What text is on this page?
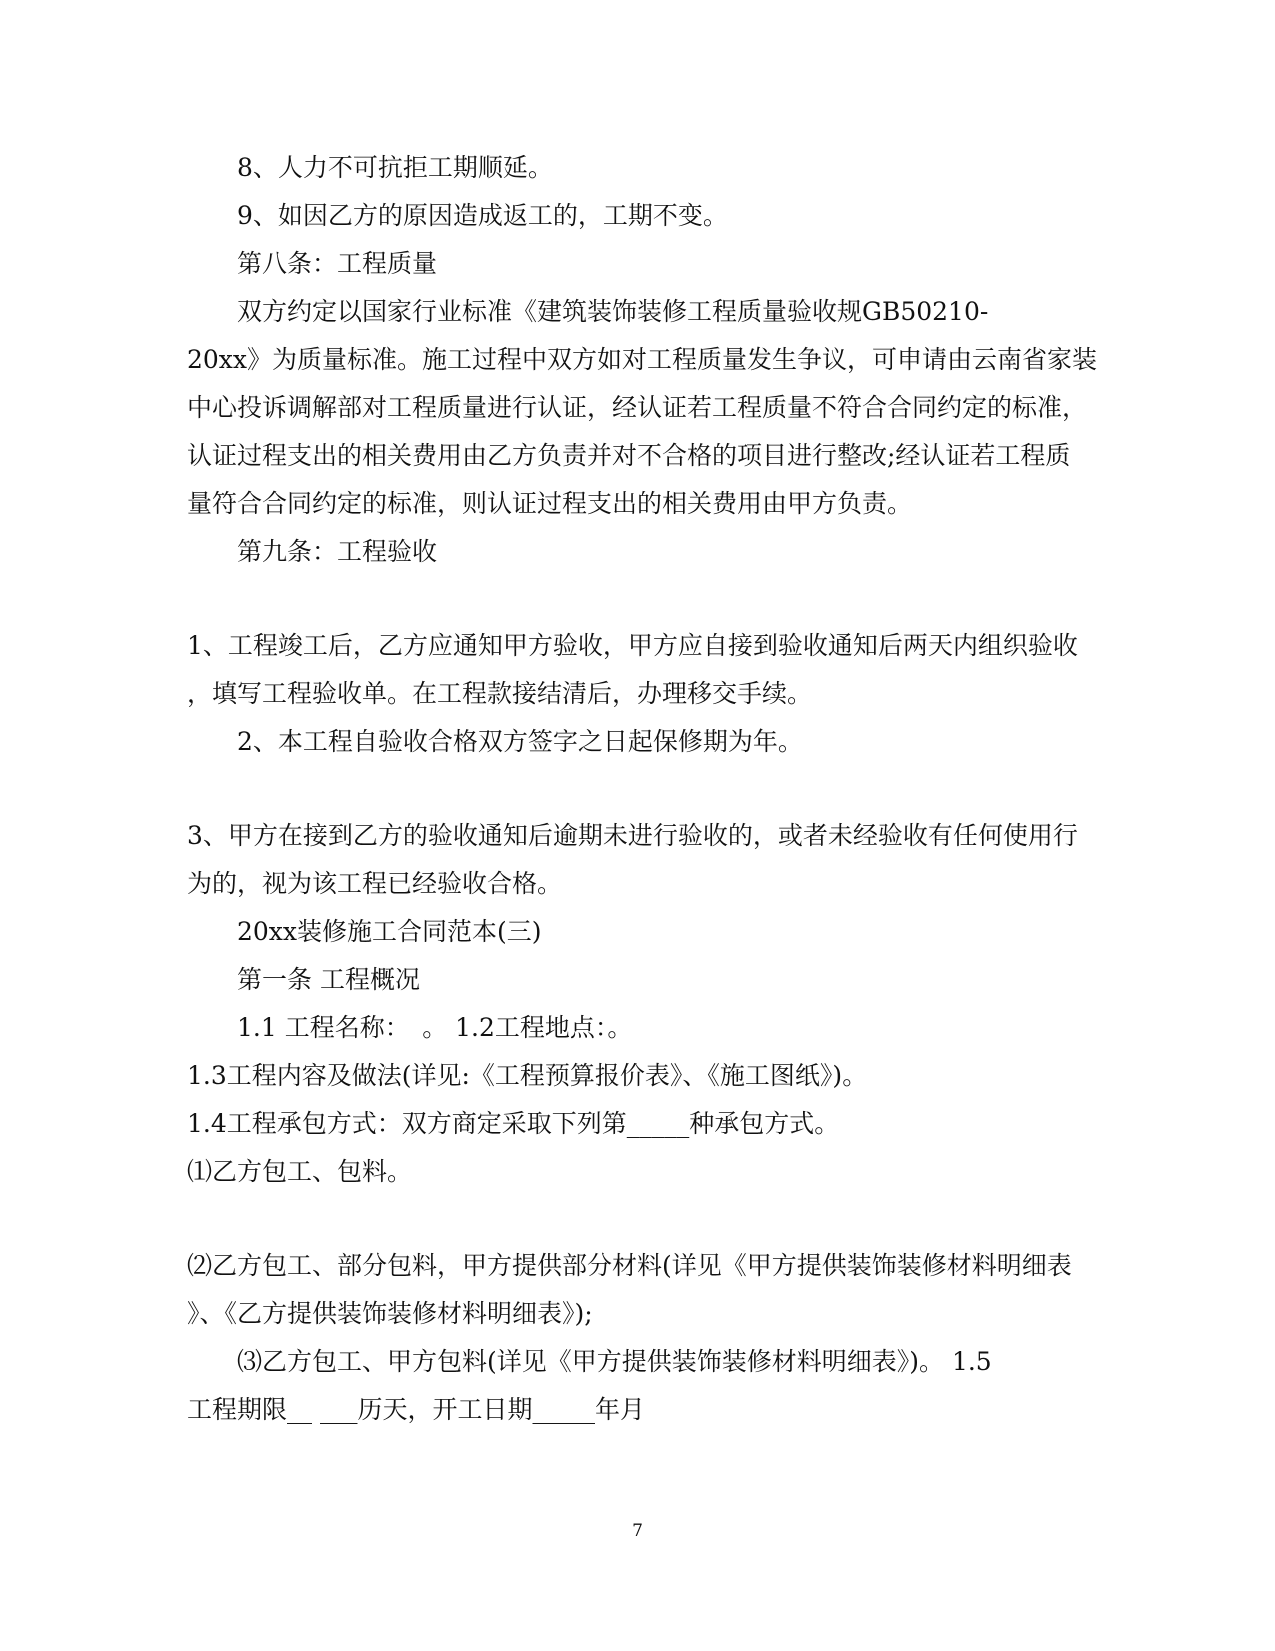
8、人力不可抗拒工期顺延。
9、如因乙方的原因造成返工的，工期不变。
第八条：工程质量
双方约定以国家行业标准《建筑装饰装修工程质量验收规GB50210-
20xx》为质量标准。施工过程中双方如对工程质量发生争议，可申请由云南省家装
中心投诉调解部对工程质量进行认证，经认证若工程质量不符合合同约定的标准，
认证过程支出的相关费用由乙方负责并对不合格的项目进行整改;经认证若工程质
量符合合同约定的标准，则认证过程支出的相关费用由甲方负责。
第九条：工程验收
1、工程竣工后，乙方应通知甲方验收，甲方应自接到验收通知后两天内组织验收
，填写工程验收单。在工程款接结清后，办理移交手续。
2、本工程自验收合格双方签字之日起保修期为年。
3、甲方在接到乙方的验收通知后逾期未进行验收的，或者未经验收有任何使用行
为的，视为该工程已经验收合格。
20xx装修施工合同范本(三)
第一条 工程概况
1.1 工程名称：　。 1.2工程地点：。
1.3工程内容及做法(详见:《工程预算报价表》、《施工图纸》)。
1.4工程承包方式：双方商定采取下列第_____种承包方式。
⑴乙方包工、包料。
⑵乙方包工、部分包料，甲方提供部分材料(详见《甲方提供装饰装修材料明细表
》、《乙方提供装饰装修材料明细表》);
⑶乙方包工、甲方包料(详见《甲方提供装饰装修材料明细表》)。 1.5
工程期限__ ___历天，开工日期_____年月
7
